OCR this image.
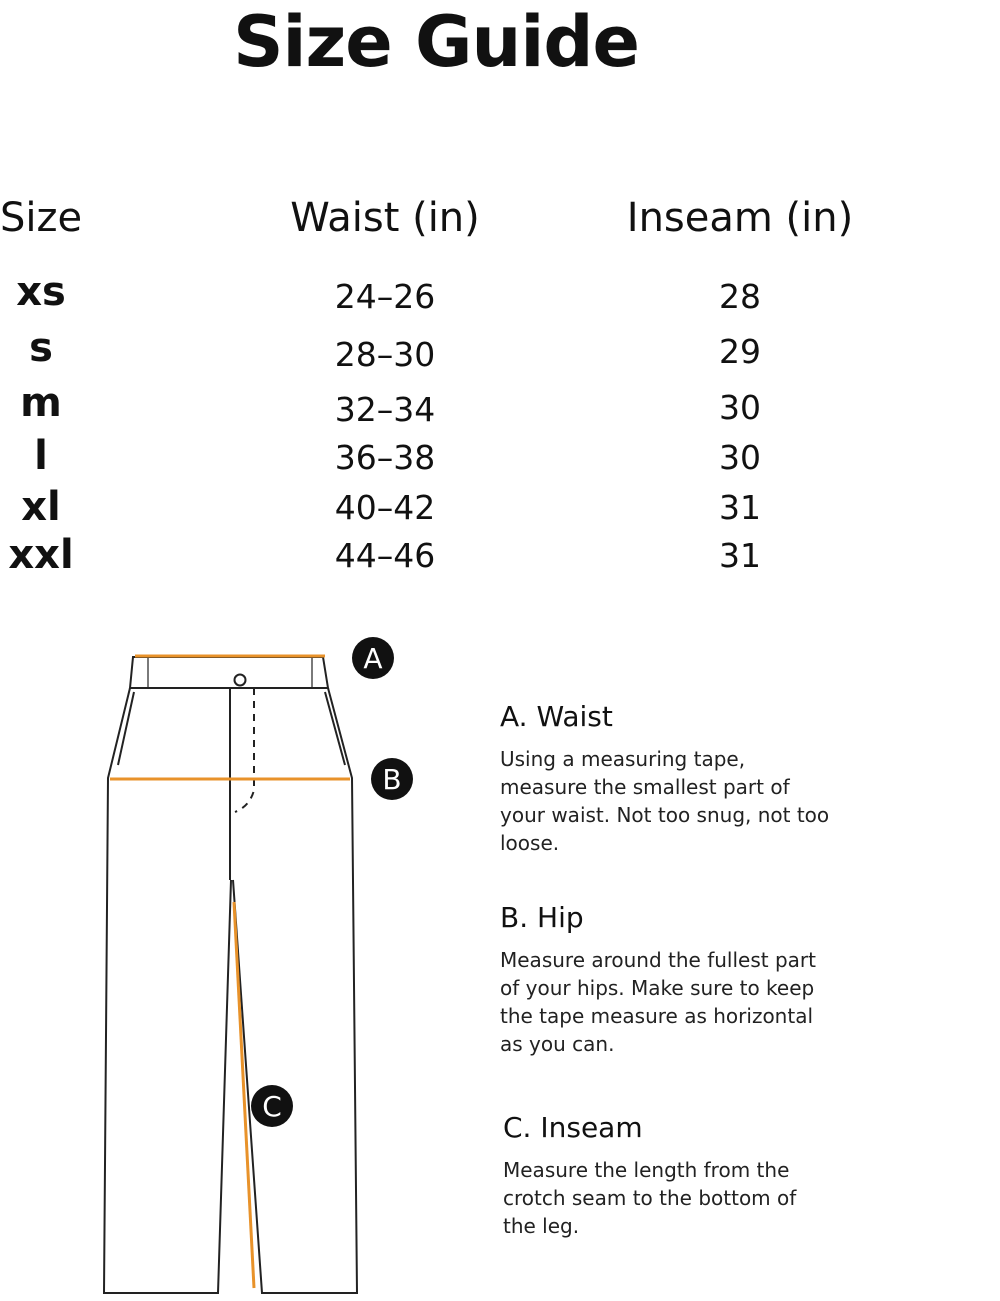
Size Guide
Size	Waist (in)	Inseam (in)
xs	24–26	28
s	28–30	29
m	32–34	30
l	36–38	30
xl	40–42	31
xxl	44–46	31
A
B
C
A. Waist
Using a measuring tape, measure the smallest part of your waist. Not too snug, not too loose.
B. Hip
Measure around the fullest part of your hips. Make sure to keep the tape measure as horizontal as you can.
C. Inseam
Measure the length from the crotch seam to the bottom of the leg.
